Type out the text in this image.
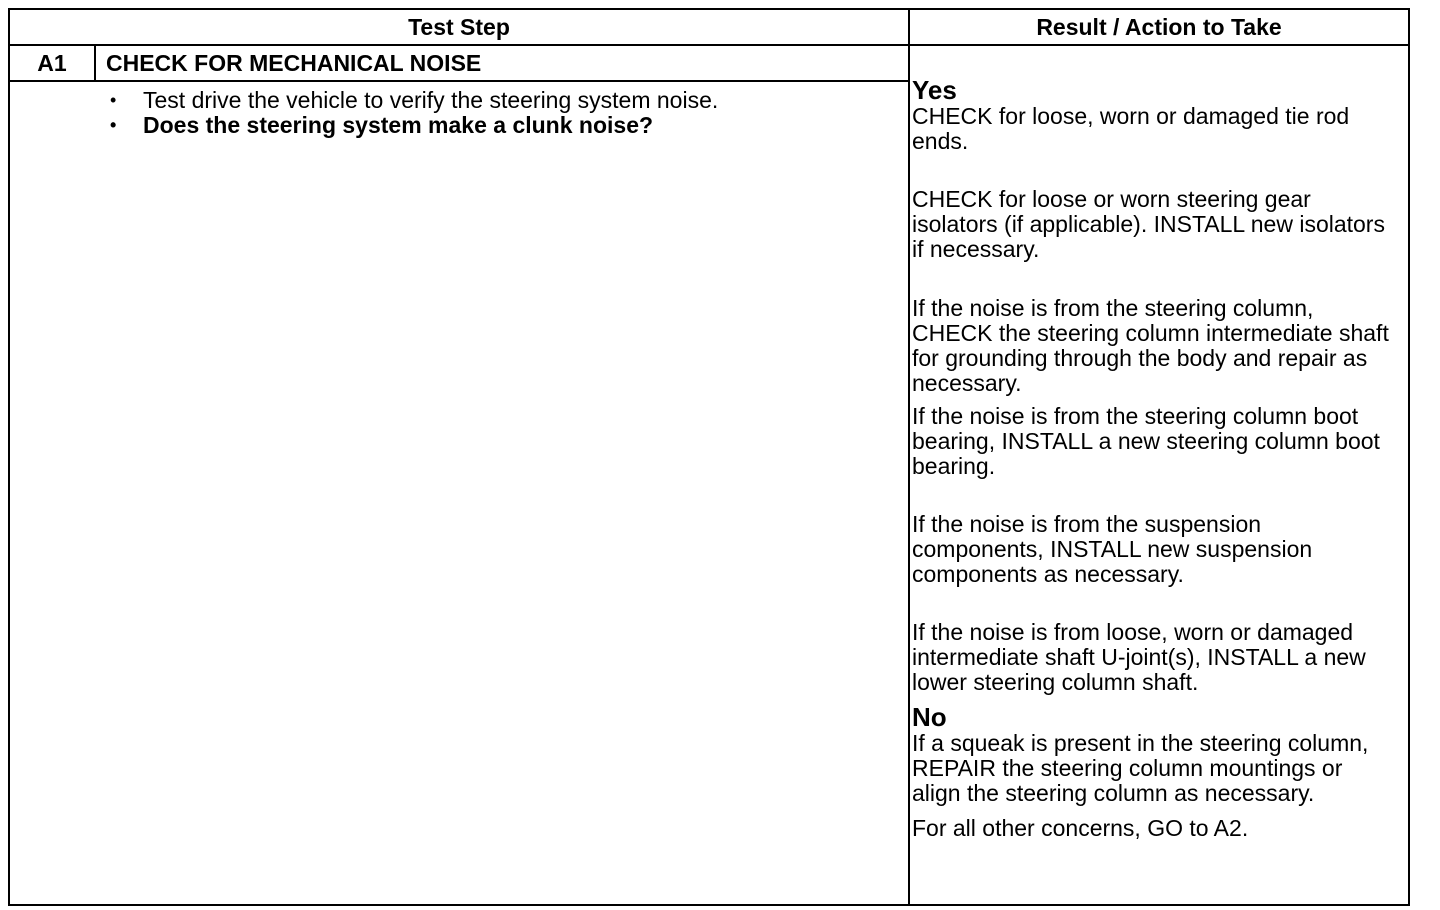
Test Step	Result / Action to Take
A1	CHECK FOR MECHANICAL NOISE
• Test drive the vehicle to verify the steering system noise.
• Does the steering system make a clunk noise?
Yes

CHECK for loose, worn or damaged tie rod ends.

CHECK for loose or worn steering gear isolators (if applicable). INSTALL new isolators if necessary.

If the noise is from the steering column, CHECK the steering column intermediate shaft for grounding through the body and repair as necessary.

If the noise is from the steering column boot bearing, INSTALL a new steering column boot bearing.

If the noise is from the suspension components, INSTALL new suspension components as necessary.

If the noise is from loose, worn or damaged intermediate shaft U-joint(s), INSTALL a new lower steering column shaft.

No

If a squeak is present in the steering column, REPAIR the steering column mountings or align the steering column as necessary.

For all other concerns, GO to A2.
